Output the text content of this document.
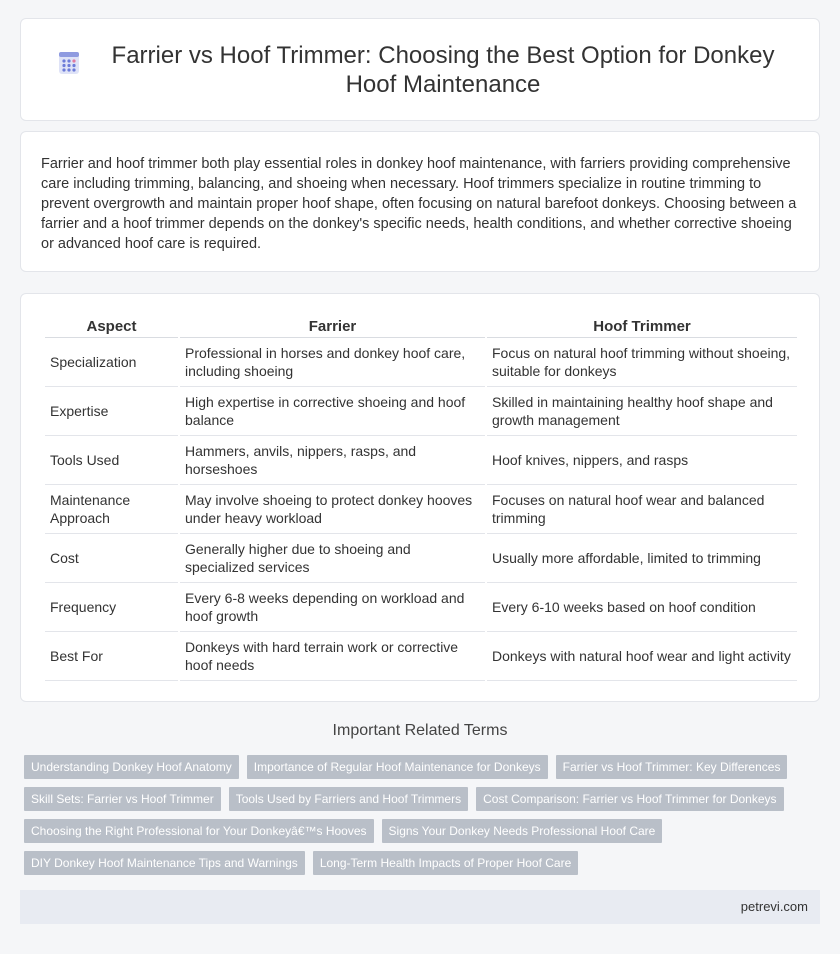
Farrier vs Hoof Trimmer: Choosing the Best Option for Donkey Hoof Maintenance

Farrier and hoof trimmer both play essential roles in donkey hoof maintenance, with farriers providing comprehensive care including trimming, balancing, and shoeing when necessary. Hoof trimmers specialize in routine trimming to prevent overgrowth and maintain proper hoof shape, often focusing on natural barefoot donkeys. Choosing between a farrier and a hoof trimmer depends on the donkey's specific needs, health conditions, and whether corrective shoeing or advanced hoof care is required.

Aspect	Farrier	Hoof Trimmer
Specialization	Professional in horses and donkey hoof care, including shoeing	Focus on natural hoof trimming without shoeing, suitable for donkeys
Expertise	High expertise in corrective shoeing and hoof balance	Skilled in maintaining healthy hoof shape and growth management
Tools Used	Hammers, anvils, nippers, rasps, and horseshoes	Hoof knives, nippers, and rasps
Maintenance Approach	May involve shoeing to protect donkey hooves under heavy workload	Focuses on natural hoof wear and balanced trimming
Cost	Generally higher due to shoeing and specialized services	Usually more affordable, limited to trimming
Frequency	Every 6-8 weeks depending on workload and hoof growth	Every 6-10 weeks based on hoof condition
Best For	Donkeys with hard terrain work or corrective hoof needs	Donkeys with natural hoof wear and light activity
Important Related Terms
Understanding Donkey Hoof Anatomy	Importance of Regular Hoof Maintenance for Donkeys	Farrier vs Hoof Trimmer: Key Differences
Skill Sets: Farrier vs Hoof Trimmer	Tools Used by Farriers and Hoof Trimmers	Cost Comparison: Farrier vs Hoof Trimmer for Donkeys
Choosing the Right Professional for Your Donkeyâ€™s Hooves	Signs Your Donkey Needs Professional Hoof Care
DIY Donkey Hoof Maintenance Tips and Warnings	Long-Term Health Impacts of Proper Hoof Care
petrevi.com
